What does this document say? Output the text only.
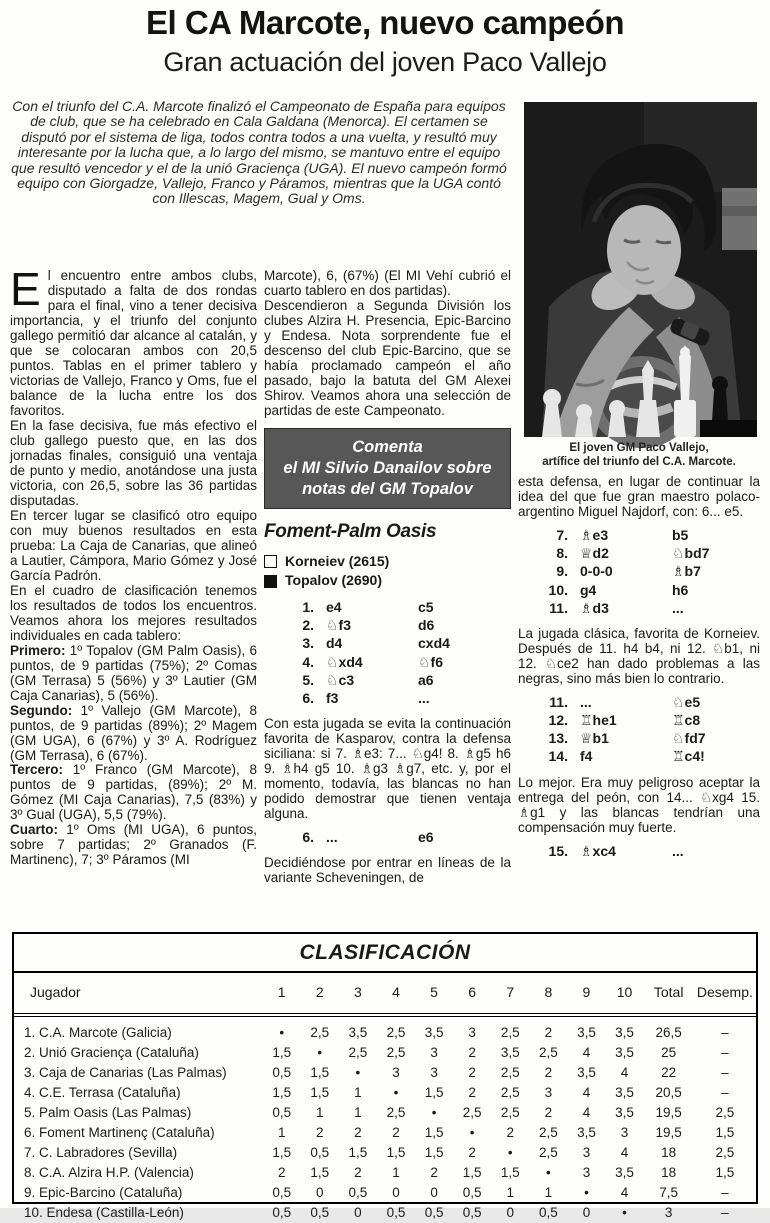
El CA Marcote, nuevo campeón
Gran actuación del joven Paco Vallejo
Con el triunfo del C.A. Marcote finalizó el Campeonato de España para equipos de club, que se ha celebrado en Cala Galdana (Menorca). El certamen se disputó por el sistema de liga, todos contra todos a una vuelta, y resultó muy interesante por la lucha que, a lo largo del mismo, se mantuvo entre el equipo que resultó vencedor y el de la unió Graciença (UGA). El nuevo campeón formó equipo con Giorgadze, Vallejo, Franco y Páramos, mientras que la UGA contó con Illescas, Magem, Gual y Oms.
El joven GM Paco Vallejo,
artífice del triunfo del C.A. Marcote.

El encuentro entre ambos clubs, disputado a falta de dos rondas para el final, vino a tener decisiva importancia, y el triunfo del conjunto gallego permitió dar alcance al catalán, y que se colocaran ambos con 20,5 puntos. Tablas en el primer tablero y victorias de Vallejo, Franco y Oms, fue el balance de la lucha entre los dos favoritos.

En la fase decisiva, fue más efectivo el club gallego puesto que, en las dos jornadas finales, consiguió una ventaja de punto y medio, anotándose una justa victoria, con 26,5, sobre las 36 partidas disputadas.

En tercer lugar se clasificó otro equipo con muy buenos resultados en esta prueba: La Caja de Canarias, que alineó a Lautier, Cámpora, Mario Gómez y José García Padrón.

En el cuadro de clasificación tenemos los resultados de todos los encuentros. Veamos ahora los mejores resultados individuales en cada tablero:

Primero: 1º Topalov (GM Palm Oasis), 6 puntos, de 9 partidas (75%); 2º Comas (GM Terrasa) 5 (56%) y 3º Lautier (GM Caja Canarias), 5 (56%).

Segundo: 1º Vallejo (GM Marcote), 8 puntos, de 9 partidas (89%); 2º Magem (GM UGA), 6 (67%) y 3º A. Rodríguez (GM Terrasa), 6 (67%).

Tercero: 1º Franco (GM Marcote), 8 puntos de 9 partidas, (89%); 2º M. Gómez (MI Caja Canarias), 7,5 (83%) y 3º Gual (UGA), 5,5 (79%).

Cuarto: 1º Oms (MI UGA), 6 puntos, sobre 7 partidas; 2º Granados (F. Martinenc), 7; 3º Páramos (MI

Marcote), 6, (67%) (El MI Vehí cubrió el cuarto tablero en dos partidas).

Descendieron a Segunda División los clubes Alzira H. Presencia, Epic-Barcino y Endesa. Nota sorprendente fue el descenso del club Epic-Barcino, que se había proclamado campeón el año pasado, bajo la batuta del GM Alexei Shirov. Veamos ahora una selección de partidas de este Campeonato.

Comenta
el MI Silvio Danailov sobre
notas del GM Topalov
Foment-Palm Oasis
Korneiev (2615)
Topalov (2690)
1. e4	c5
2. ♘f3	d6
3. d4	cxd4
4. ♘xd4	♘f6
5. ♘c3	a6
6. f3	...

Con esta jugada se evita la continuación favorita de Kasparov, contra la defensa siciliana: si 7. ♗e3: 7... ♘g4! 8. ♗g5 h6 9. ♗h4 g5 10. ♗g3 ♗g7, etc. y, por el momento, todavía, las blancas no han podido demostrar que tienen ventaja alguna.

6. ...	e6

Decidiéndose por entrar en líneas de la variante Scheveningen, de

esta defensa, en lugar de continuar la idea del que fue gran maestro polaco-argentino Miguel Najdorf, con: 6... e5.

7. ♗e3	b5
8. ♕d2	♘bd7
9. 0-0-0	♗b7
10. g4	h6
11. ♗d3	...

La jugada clásica, favorita de Korneiev. Después de 11. h4 b4, ni 12. ♘b1, ni 12. ♘ce2 han dado problemas a las negras, sino más bien lo contrario.

11. ...	♘e5
12. ♖he1	♖c8
13. ♕b1	♘fd7
14. f4	♖c4!

Lo mejor. Era muy peligroso aceptar la entrega del peón, con 14... ♘xg4 15. ♗g1 y las blancas tendrían una compensación muy fuerte.

15. ♗xc4	...
CLASIFICACIÓN
Jugador	1	2	3	4	5	6	7	8	9	10	Total	Desemp.
1. C.A. Marcote (Galicia)	•	2,5	3,5	2,5	3,5	3	2,5	2	3,5	3,5	26,5	–
2. Unió Graciença (Cataluña)	1,5	•	2,5	2,5	3	2	3,5	2,5	4	3,5	25	–
3. Caja de Canarias (Las Palmas)	0,5	1,5	•	3	3	2	2,5	2	3,5	4	22	–
4. C.E. Terrasa (Cataluña)	1,5	1,5	1	•	1,5	2	2,5	3	4	3,5	20,5	–
5. Palm Oasis (Las Palmas)	0,5	1	1	2,5	•	2,5	2,5	2	4	3,5	19,5	2,5
6. Foment Martinenç (Cataluña)	1	2	2	2	1,5	•	2	2,5	3,5	3	19,5	1,5
7. C. Labradores (Sevilla)	1,5	0,5	1,5	1,5	1,5	2	•	2,5	3	4	18	2,5
8. C.A. Alzira H.P. (Valencia)	2	1,5	2	1	2	1,5	1,5	•	3	3,5	18	1,5
9. Epic-Barcino (Cataluña)	0,5	0	0,5	0	0	0,5	1	1	•	4	7,5	–
10. Endesa (Castilla-León)	0,5	0,5	0	0,5	0,5	0,5	0	0,5	0	•	3	–
